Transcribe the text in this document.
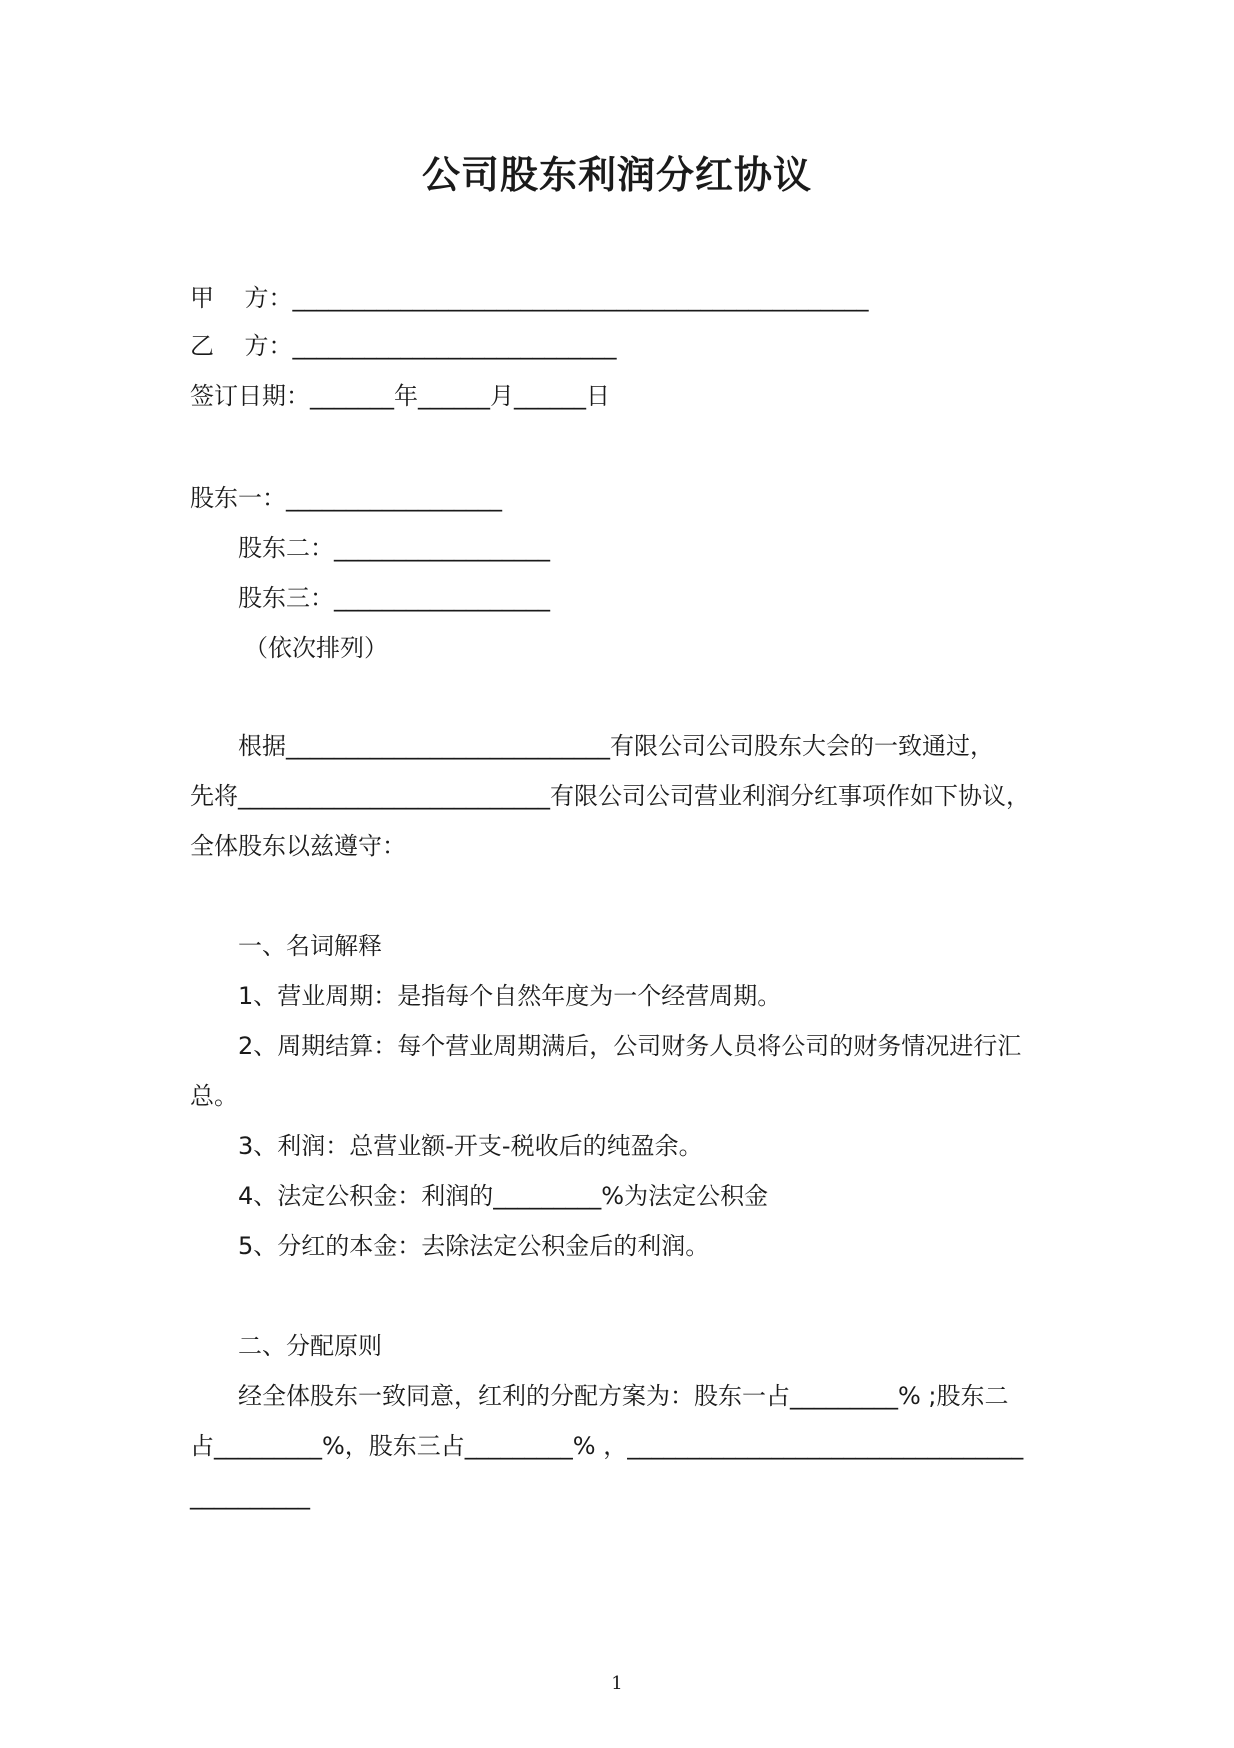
公司股东利润分红协议
甲    方：________________________________________________
乙    方：___________________________
签订日期：_______年______月______日
股东一：__________________
股东二：__________________
股东三：__________________
（依次排列）
根据___________________________有限公司公司股东大会的一致通过，
先将__________________________有限公司公司营业利润分红事项作如下协议，
全体股东以兹遵守：
一、名词解释
1、营业周期：是指每个自然年度为一个经营周期。
2、周期结算：每个营业周期满后，公司财务人员将公司的财务情况进行汇
总。
3、利润：总营业额-开支-税收后的纯盈余。
4、法定公积金：利润的_________%为法定公积金
5、分红的本金：去除法定公积金后的利润。
二、分配原则
经全体股东一致同意，红利的分配方案为：股东一占_________% ;股东二
占_________%，股东三占_________% ，_________________________________
__________
1
